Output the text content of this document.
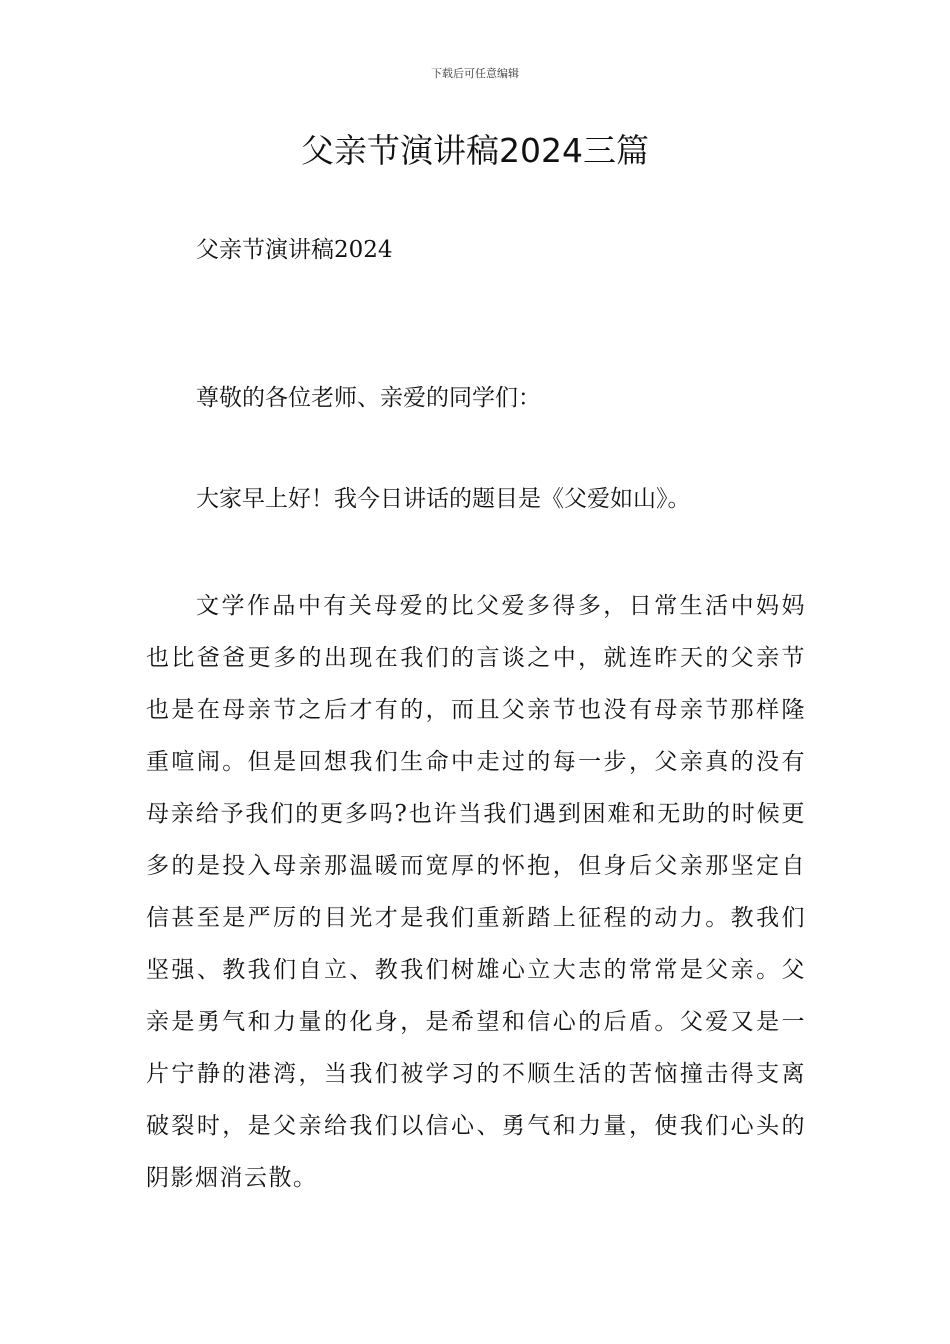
下载后可任意编辑
父亲节演讲稿2024三篇
父亲节演讲稿2024
尊敬的各位老师、亲爱的同学们：
大家早上好！我今日讲话的题目是《父爱如山》。

文学作品中有关母爱的比父爱多得多，日常生活中妈妈也比爸爸更多的出现在我们的言谈之中，就连昨天的父亲节也是在母亲节之后才有的，而且父亲节也没有母亲节那样隆重喧闹。但是回想我们生命中走过的每一步，父亲真的没有母亲给予我们的更多吗?也许当我们遇到困难和无助的时候更多的是投入母亲那温暖而宽厚的怀抱，但身后父亲那坚定自信甚至是严厉的目光才是我们重新踏上征程的动力。教我们坚强、教我们自立、教我们树雄心立大志的常常是父亲。父亲是勇气和力量的化身，是希望和信心的后盾。父爱又是一片宁静的港湾，当我们被学习的不顺生活的苦恼撞击得支离破裂时，是父亲给我们以信心、勇气和力量，使我们心头的阴影烟消云散。
